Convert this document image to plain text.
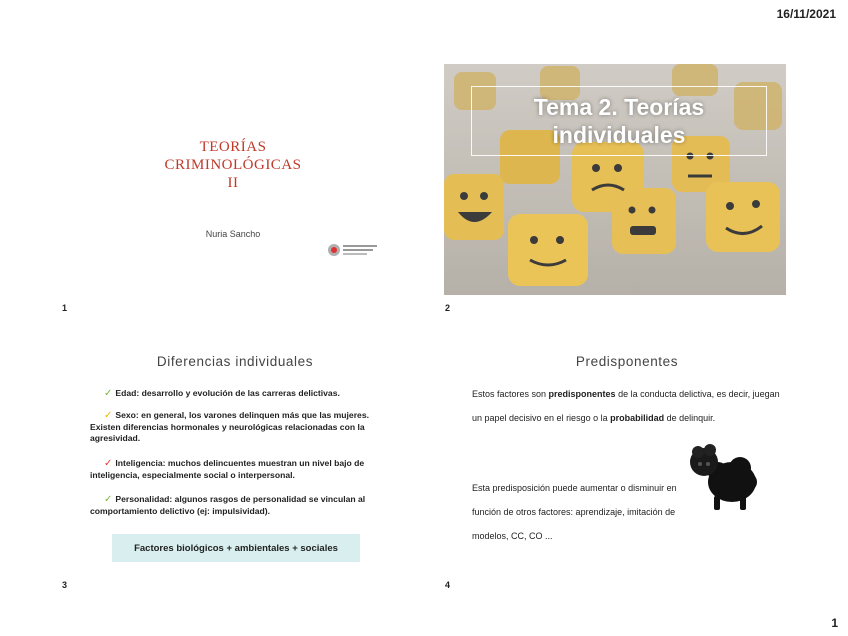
16/11/2021
TEORÍAS
CRIMINOLÓGICAS
II
Nuria Sancho
1
Tema 2. Teorías
individuales
2
Diferencias individuales
✓ Edad: desarrollo y evolución de las carreras delictivas.
✓ Sexo: en general, los varones delinquen más que las mujeres. Existen diferencias hormonales y neurológicas relacionadas con la agresividad.
✓ Inteligencia: muchos delincuentes muestran un nivel bajo de inteligencia, especialmente social o interpersonal.
✓ Personalidad: algunos rasgos de personalidad se vinculan al comportamiento delictivo (ej: impulsividad).
Factores biológicos + ambientales + sociales
3
Predisponentes
Estos factores son predisponentes de la conducta delictiva, es decir, juegan un papel decisivo en el riesgo o la probabilidad de delinquir.
Esta predisposición puede aumentar o disminuir en función de otros factores: aprendizaje, imitación de modelos, CC, CO ...
4
1
